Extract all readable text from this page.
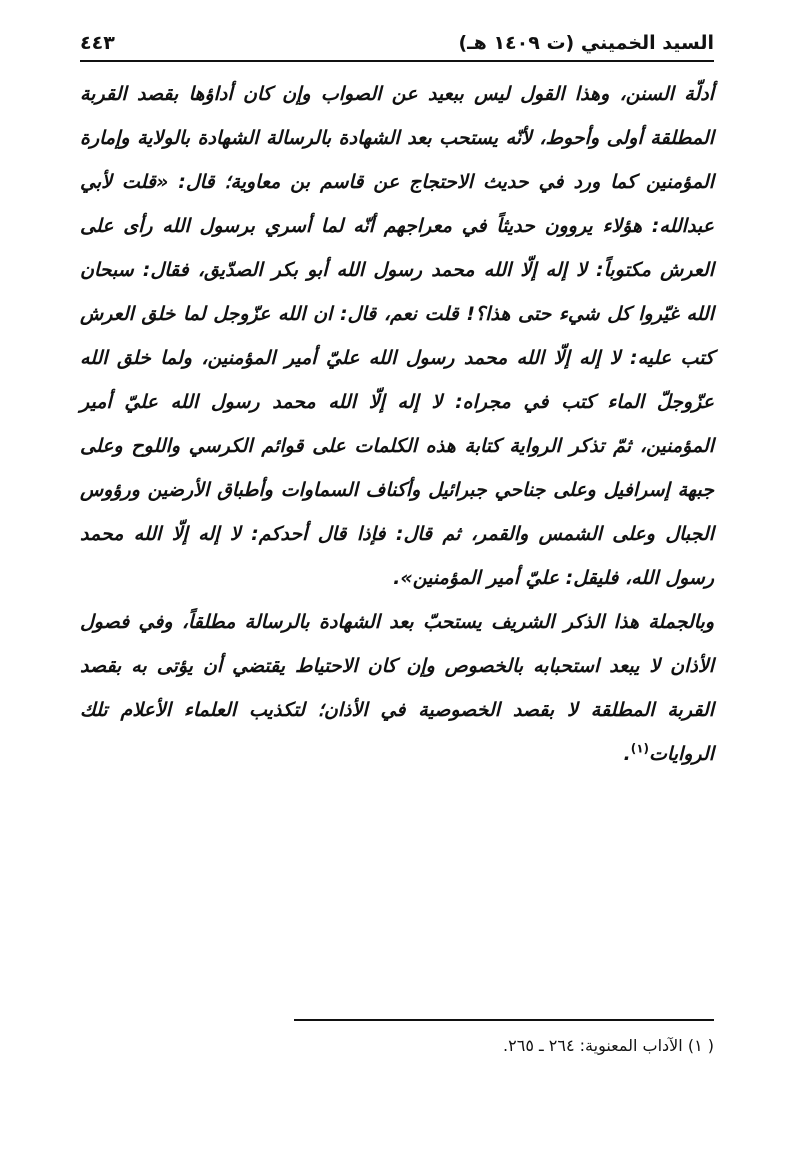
السيد الخميني (ت ١٤٠٩ هـ)
٤٤٣

أدلّة السنن، وهذا القول ليس ببعيد عن الصواب وإن كان أداؤها بقصد القربة المطلقة أولى وأحوط، لأنّه يستحب بعد الشهادة بالرسالة الشهادة بالولاية وإمارة المؤمنين كما ورد في حديث الاحتجاج عن قاسم بن معاوية؛ قال: «قلت لأبي عبدالله: هؤلاء يروون حديثاً في معراجهم أنّه لما أسري برسول الله رأى على العرش مكتوباً: لا إله إلّا الله محمد رسول الله أبو بكر الصدّيق، فقال: سبحان الله غيّروا كل شيء حتى هذا؟! قلت نعم، قال: ان الله عزّوجل لما خلق العرش كتب عليه: لا إله إلّا الله محمد رسول الله عليّ أمير المؤمنين، ولما خلق الله عزّوجلّ الماء كتب في مجراه: لا إله إلّا الله محمد رسول الله عليّ أمير المؤمنين، ثمّ تذكر الرواية كتابة هذه الكلمات على قوائم الكرسي واللوح وعلى جبهة إسرافيل وعلى جناحي جبرائيل وأكناف السماوات وأطباق الأرضين ورؤوس الجبال وعلى الشمس والقمر، ثم قال: فإذا قال أحدكم: لا إله إلّا الله محمد رسول الله، فليقل: عليّ أمير المؤمنين».

وبالجملة هذا الذكر الشريف يستحبّ بعد الشهادة بالرسالة مطلقاً، وفي فصول الأذان لا يبعد استحبابه بالخصوص وإن كان الاحتياط يقتضي أن يؤتى به بقصد القربة المطلقة لا بقصد الخصوصية في الأذان؛ لتكذيب العلماء الأعلام تلك الروايات$^{(١)}$.

( ١) الآداب المعنوية: ٢٦٤ ـ ٢٦٥.
